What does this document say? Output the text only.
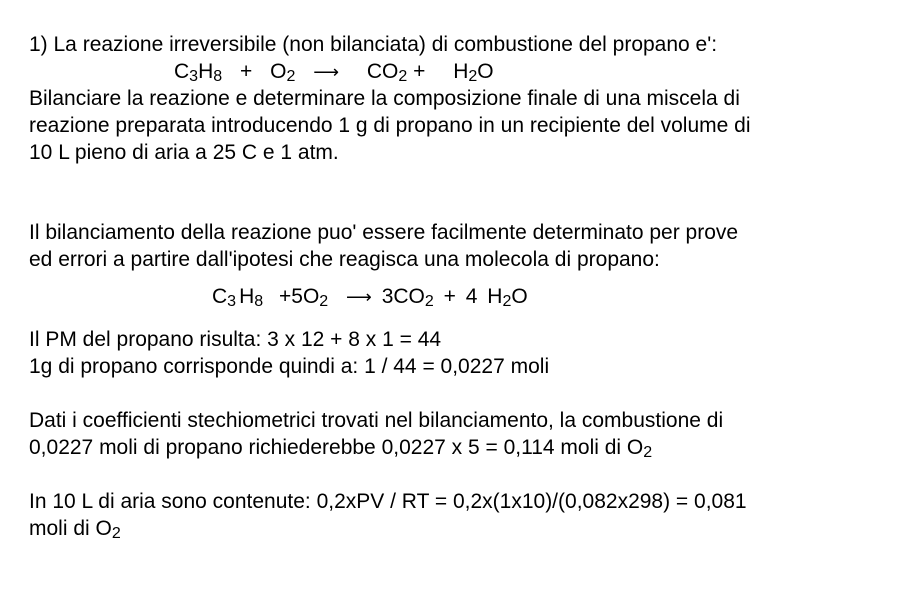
1) La reazione irreversibile (non bilanciata) di combustione del propano e':
C3H8 + O2 ⟶ CO2 + H2O
Bilanciare la reazione e determinare la composizione finale di una miscela di
reazione preparata introducendo 1 g di propano in un recipiente del volume di
10 L pieno di aria a 25 C e 1 atm.
Il bilanciamento della reazione puo' essere facilmente determinato per prove
ed errori a partire dall'ipotesi che reagisca una molecola di propano:
C3 H8 +5O2 ⟶ 3CO2 + 4 H2O
Il PM del propano risulta: 3 x 12 + 8 x 1 = 44
1g di propano corrisponde quindi a: 1 / 44 = 0,0227 moli
Dati i coefficienti stechiometrici trovati nel bilanciamento, la combustione di
0,0227 moli di propano richiederebbe 0,0227 x 5 = 0,114 moli di O2
In 10 L di aria sono contenute: 0,2xPV / RT = 0,2x(1x10)/(0,082x298) = 0,081
moli di O2
